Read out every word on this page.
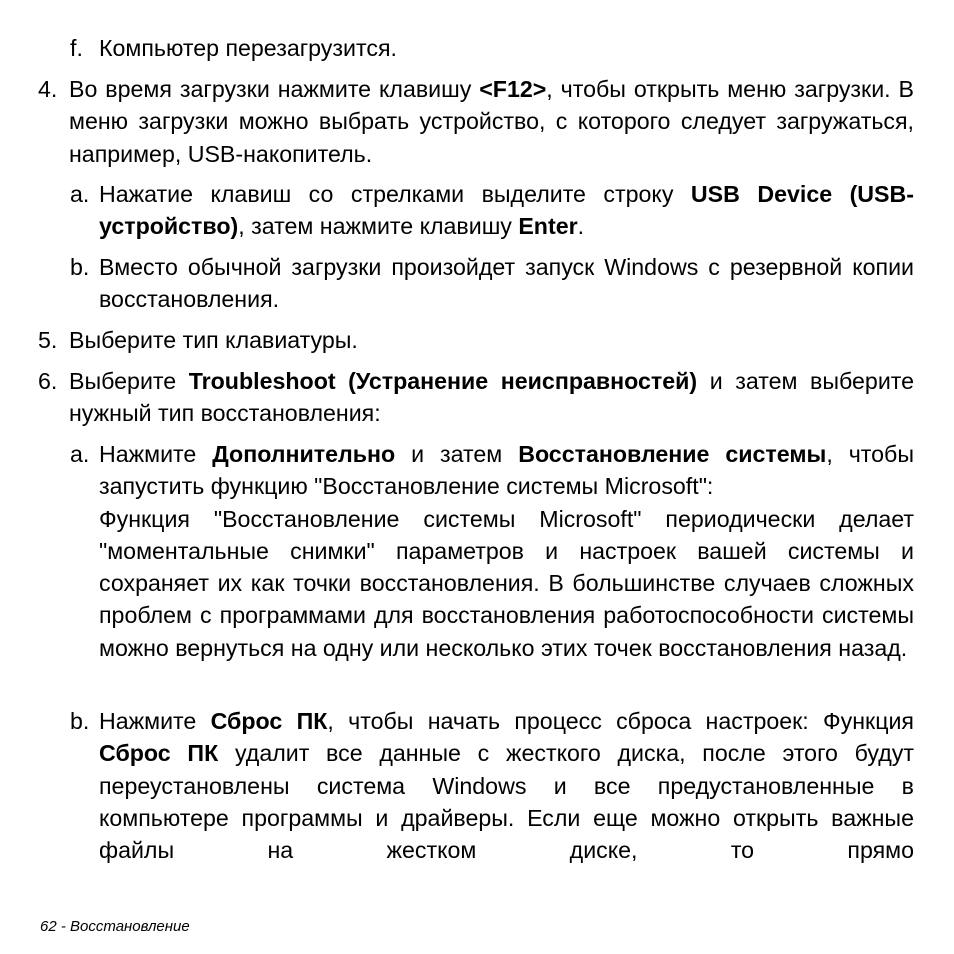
f. Компьютер перезагрузится.
4. Во время загрузки нажмите клавишу <F12>, чтобы открыть меню загрузки. В меню загрузки можно выбрать устройство, с которого следует загружаться, например, USB-накопитель.
a. Нажатие клавиш со стрелками выделите строку USB Device (USB-устройство), затем нажмите клавишу Enter.
b. Вместо обычной загрузки произойдет запуск Windows с резервной копии восстановления.
5. Выберите тип клавиатуры.
6. Выберите Troubleshoot (Устранение неисправностей) и затем выберите нужный тип восстановления:
a. Нажмите Дополнительно и затем Восстановление системы, чтобы запустить функцию "Восстановление системы Microsoft":
Функция "Восстановление системы Microsoft" периодически делает "моментальные снимки" параметров и настроек вашей системы и сохраняет их как точки восстановления. В большинстве случаев сложных проблем с программами для восстановления работоспособности системы можно вернуться на одну или несколько этих точек восстановления назад.
b. Нажмите Сброс ПК, чтобы начать процесс сброса настроек: Функция Сброс ПК удалит все данные с жесткого диска, после этого будут переустановлены система Windows и все предустановленные в компьютере программы и драйверы. Если еще можно открыть важные файлы на жестком диске, то прямо
62 - Восстановление
